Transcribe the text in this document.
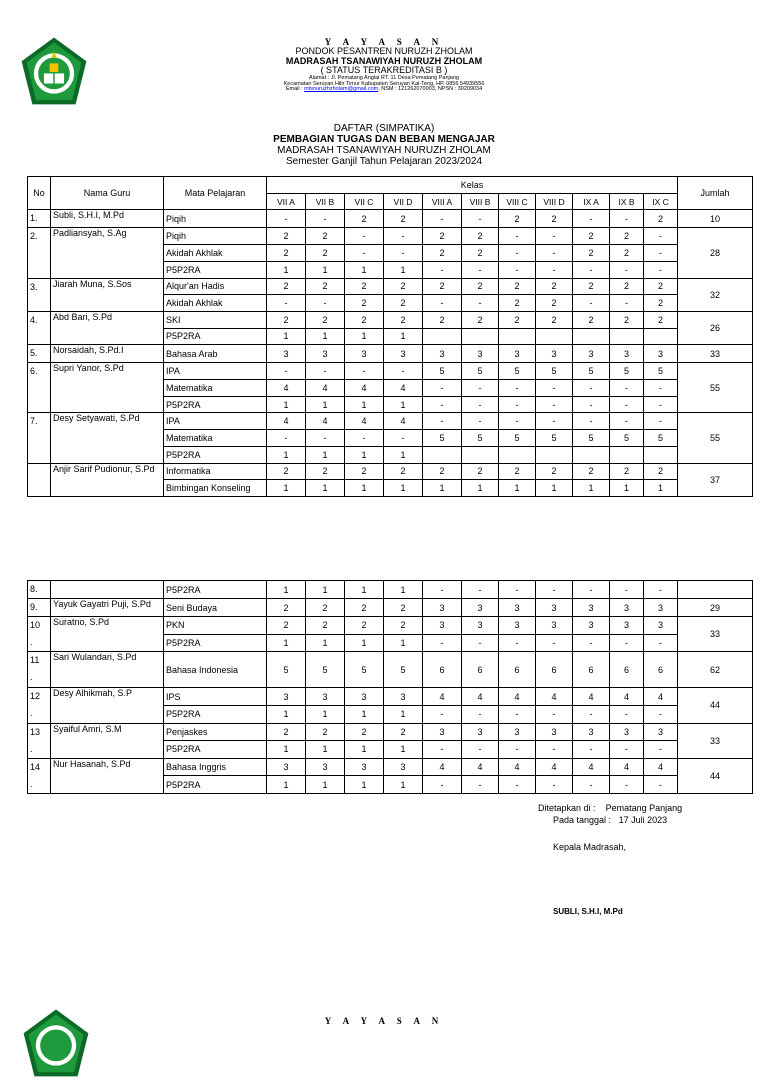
Y A Y A S A N
PONDOK PESANTREN NURUZH ZHOLAM
MADRASAH TSANAWIYAH NURUZH ZHOLAM
( STATUS TERAKREDITASI B )
Alamat : Jl. Pematang Anglai RT. 11 Desa Pematang Panjang
Kecamatan Seruyan Hilir Timur Kabupaten Seruyan Kal-Teng, HP. 0856 54939556
Email : mtsnuruzhzholam@gmail.com, NSM : 121262070003, NPSN : 30209034
DAFTAR (SIMPATIKA)
PEMBAGIAN TUGAS DAN BEBAN MENGAJAR
MADRASAH TSANAWIYAH NURUZH ZHOLAM
Semester Ganjil Tahun Pelajaran 2023/2024
No	Nama Guru	Mata Pelajaran	Kelas											Jumlah
			VII A	VII B	VII C	VII D	VIII A	VIII B	VIII C	VIII D	IX A	IX B	IX C	
1.	Subli, S.H.I, M.Pd	Piqih	-	-	2	2	-	-	2	2	-	-	2	10
2.	Padliansyah, S.Ag	Piqih	2	2	-	-	2	2	-	-	2	2	-	28
		Akidah Akhlak	2	2	-	-	2	2	-	-	2	2	-	
		P5P2RA	1	1	1	1	-	-	-	-	-	-	-	
3.	Jiarah Muna, S.Sos	Alqur'an Hadis	2	2	2	2	2	2	2	2	2	2	2	32
		Akidah Akhlak	-	-	2	2	-	-	2	2	-	-	2	
4.	Abd Bari, S.Pd	SKI	2	2	2	2	2	2	2	2	2	2	2	26
		P5P2RA	1	1	1	1								
5.	Norsaidah, S.Pd.I	Bahasa Arab	3	3	3	3	3	3	3	3	3	3	3	33
6.	Supri Yanor, S.Pd	IPA	-	-	-	-	5	5	5	5	5	5	5	55
		Matematika	4	4	4	4	-	-	-	-	-	-	-	
		P5P2RA	1	1	1	1	-	-	-	-	-	-	-	
7.	Desy Setyawati, S.Pd	IPA	4	4	4	4	-	-	-	-	-	-	-	55
		Matematika	-	-	-	-	5	5	5	5	5	5	5	
		P5P2RA	1	1	1	1								
	Anjir Sarif Pudionur, S.Pd	Informatika	2	2	2	2	2	2	2	2	2	2	2	37
		Bimbingan Konseling	1	1	1	1	1	1	1	1	1	1	1	
8.		P5P2RA	1	1	1	1	-	-	-	-	-	-	-	
9.	Yayuk Gayatri Puji, S.Pd	Seni Budaya	2	2	2	2	3	3	3	3	3	3	3	29
10
.	Suratno, S.Pd	PKN	2	2	2	2	3	3	3	3	3	3	3	33
		P5P2RA	1	1	1	1	-	-	-	-	-	-	-	
11
.	Sari Wulandari, S.Pd	Bahasa Indonesia	5	5	5	5	6	6	6	6	6	6	6	62
12
.	Desy Alhikmah, S.P	IPS	3	3	3	3	4	4	4	4	4	4	4	44
		P5P2RA	1	1	1	1	-	-	-	-	-	-	-	
13
.	Syaiful Amri, S.M	Penjaskes	2	2	2	2	3	3	3	3	3	3	3	33
		P5P2RA	1	1	1	1	-	-	-	-	-	-	-	
14
.	Nur Hasanah, S.Pd	Bahasa Inggris	3	3	3	3	4	4	4	4	4	4	4	44
		P5P2RA	1	1	1	1	-	-	-	-	-	-	-	
Ditetapkan di : Pematang Panjang
Pada tanggal : 17 Juli 2023
Kepala Madrasah,
SUBLI, S.H.I, M.Pd
Y A Y A S A N
